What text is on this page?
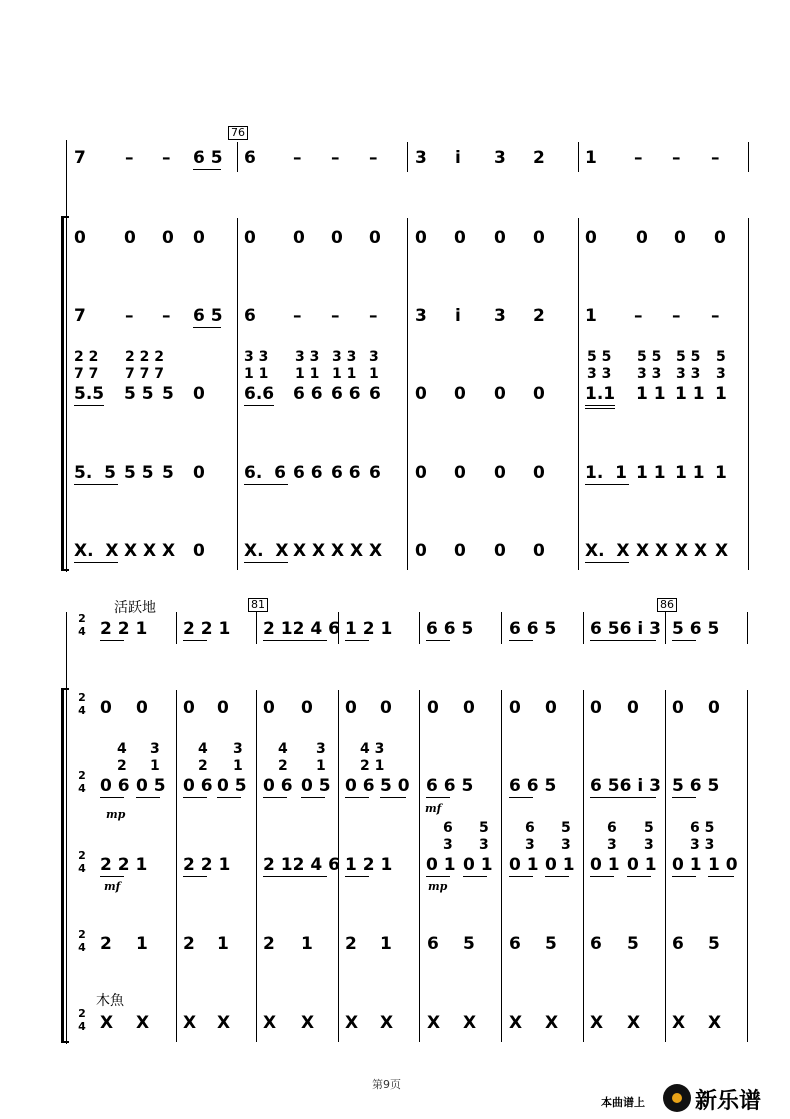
76
7 – – 6 5 6 – – – 3 i 3 2 1 – – –
0 0 0 0 0 0 0 0 0 0 0 0 0 0 0 0
7 – – 6 5 6 – – – 3 i 3 2 1 – – –
2 2 2 2 2	3 3 3 3 3 3 3	5 5 5 5 5 5 5
7 7 7 7 7	1 1 1 1 1 1 1	3 3 3 3 3 3 3
5.5 5 5 5 0 6.6 6 6 6 6 6 0 0 0 0 1.1 1 1 1 1 1
5.  5 5 5 5 0 6.  6 6 6 6 6 6 0 0 0 0 1.  1 1 1 1 1 1
X.  X X X X 0 X.  X X X X X X 0 0 0 0 X.  X X X X X X
活跃地	81	86
2
4
2
4
2
4
2
4
2
4
2
4
2 2 1 2 2 1 2 12 4 6 1 2 1 6 6 5 6 6 5 6 56 i 3 5 6 5
0 0 0 0 0 0 0 0 0 0 0 0 0 0 0 0
4 3	4 3	4 3 4 3
2 1	2 1	2 1 2 1
0 6 0 5 0 6 0 5 0 6 0 5 0 6 5 0 6 6 5 6 6 5 6 56 i 3 5 6 5
mp	mf
6 5	6 5	6 5	6 5
3 3	3 3	3 3	3 3
2 2 1 2 2 1 2 12 4 6 1 2 1 0 1 0 1 0 1 0 1 0 1 0 1 0 1 1 0
mf	mp
2 1 2 1 2 1 2 1 6 5 6 5 6 5 6 5
木魚
X X X X X X X X X X X X X X X X
第9页
本曲谱上 新乐谱
